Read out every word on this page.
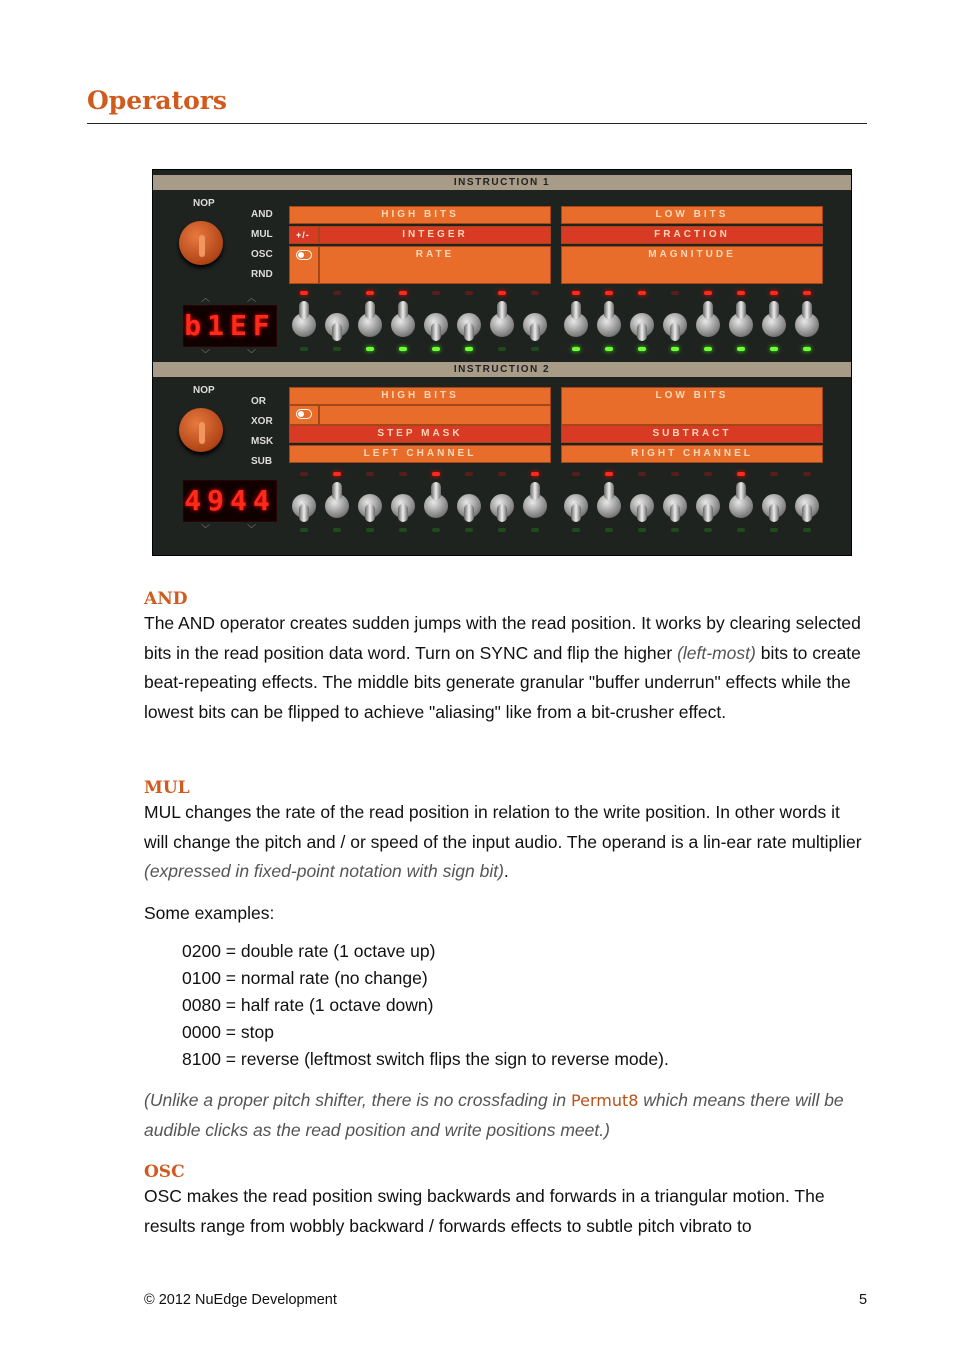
Operators
INSTRUCTION 1
NOP
AND
MUL
OSC
RND
︿	︿
b1EF
﹀	﹀
HIGH BITS	LOW BITS
+/-	INTEGER	FRACTION
RATE	MAGNITUDE
INSTRUCTION 2
NOP
OR
XOR
MSK
SUB
4944
﹀	﹀
HIGH BITS	LOW BITS
STEP MASK	SUBTRACT
LEFT CHANNEL	RIGHT CHANNEL
AND

The AND operator creates sudden jumps with the read position. It works by clearing selected bits in the read position data word. Turn on SYNC and flip the higher (left-most) bits to create beat-repeating effects. The middle bits generate granular "buffer underrun" effects while the lowest bits can be flipped to achieve "aliasing" like from a bit-crusher effect.

MUL

MUL changes the rate of the read position in relation to the write position. In other words it will change the pitch and / or speed of the input audio. The operand is a lin-ear rate multiplier (expressed in fixed-point notation with sign bit).

Some examples:

0200 = double rate (1 octave up)
0100 = normal rate (no change)
0080 = half rate (1 octave down)
0000 = stop
8100 = reverse (leftmost switch flips the sign to reverse mode).

(Unlike a proper pitch shifter, there is no crossfading in Permut8 which means there will be audible clicks as the read position and write positions meet.)

OSC

OSC makes the read position swing backwards and forwards in a triangular motion. The results range from wobbly backward / forwards effects to subtle pitch vibrato to

© 2012 NuEdge Development	5
